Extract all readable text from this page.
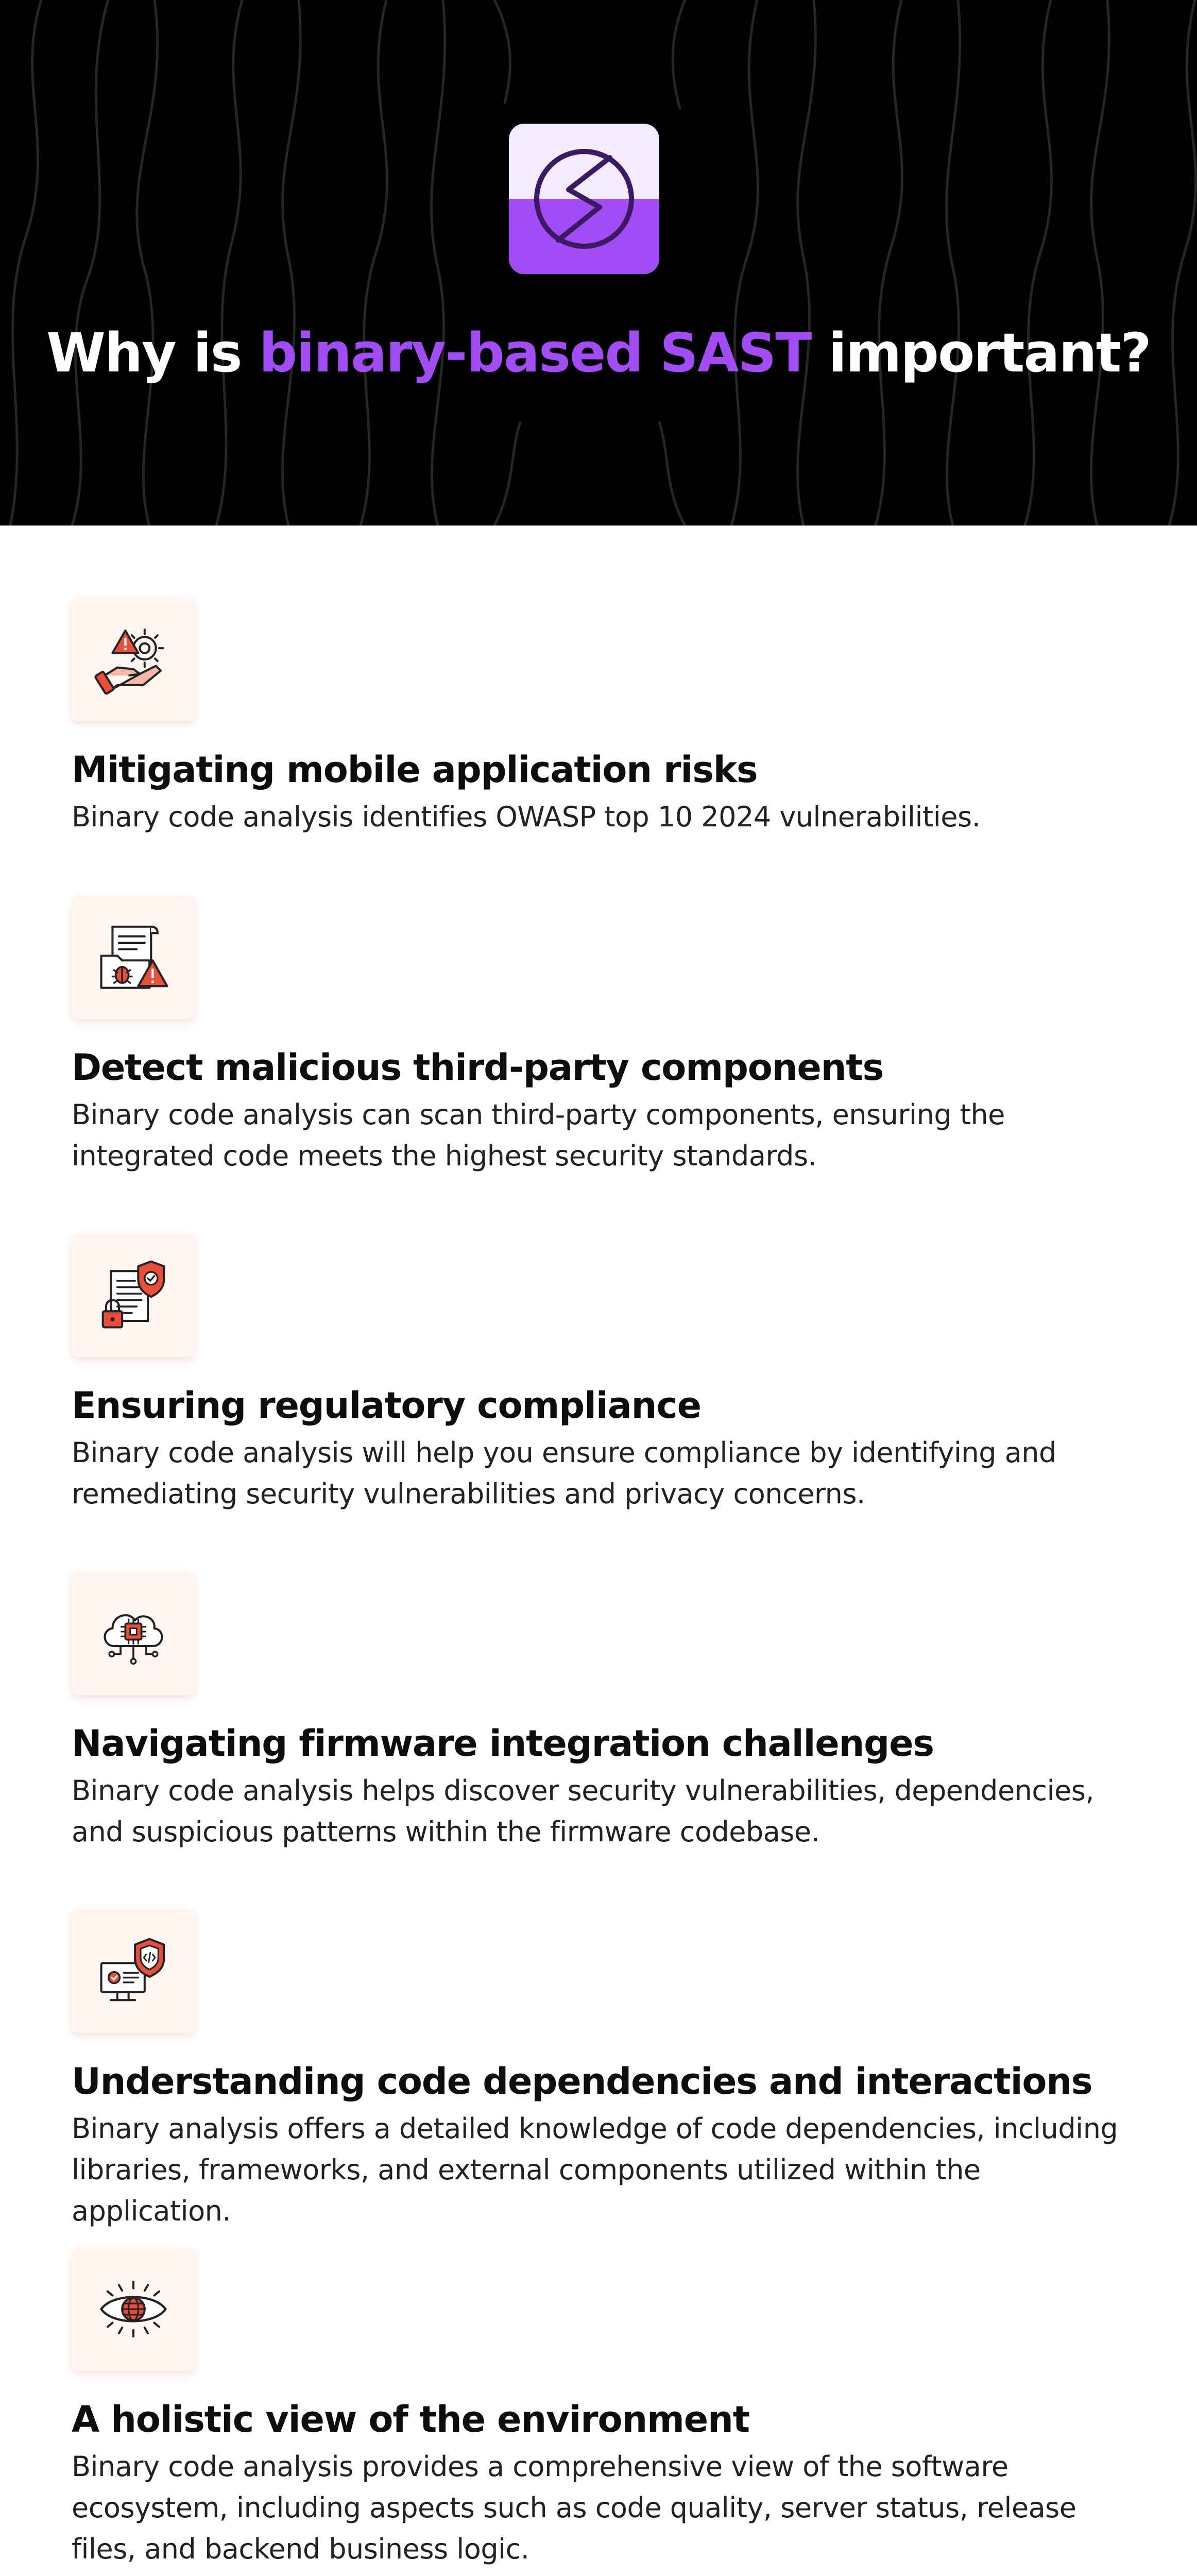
Why is binary-based SAST important?
Mitigating mobile application risks
Binary code analysis identifies OWASP top 10 2024 vulnerabilities.
Detect malicious third-party components
Binary code analysis can scan third-party components, ensuring the integrated code meets the highest security standards.
Ensuring regulatory compliance
Binary code analysis will help you ensure compliance by identifying and remediating security vulnerabilities and privacy concerns.
Navigating firmware integration challenges
Binary code analysis helps discover security vulnerabilities, dependencies, and suspicious patterns within the firmware codebase.
Understanding code dependencies and interactions
Binary analysis offers a detailed knowledge of code dependencies, including libraries, frameworks, and external components utilized within the application.
A holistic view of the environment
Binary code analysis provides a comprehensive view of the software ecosystem, including aspects such as code quality, server status, release files, and backend business logic.
